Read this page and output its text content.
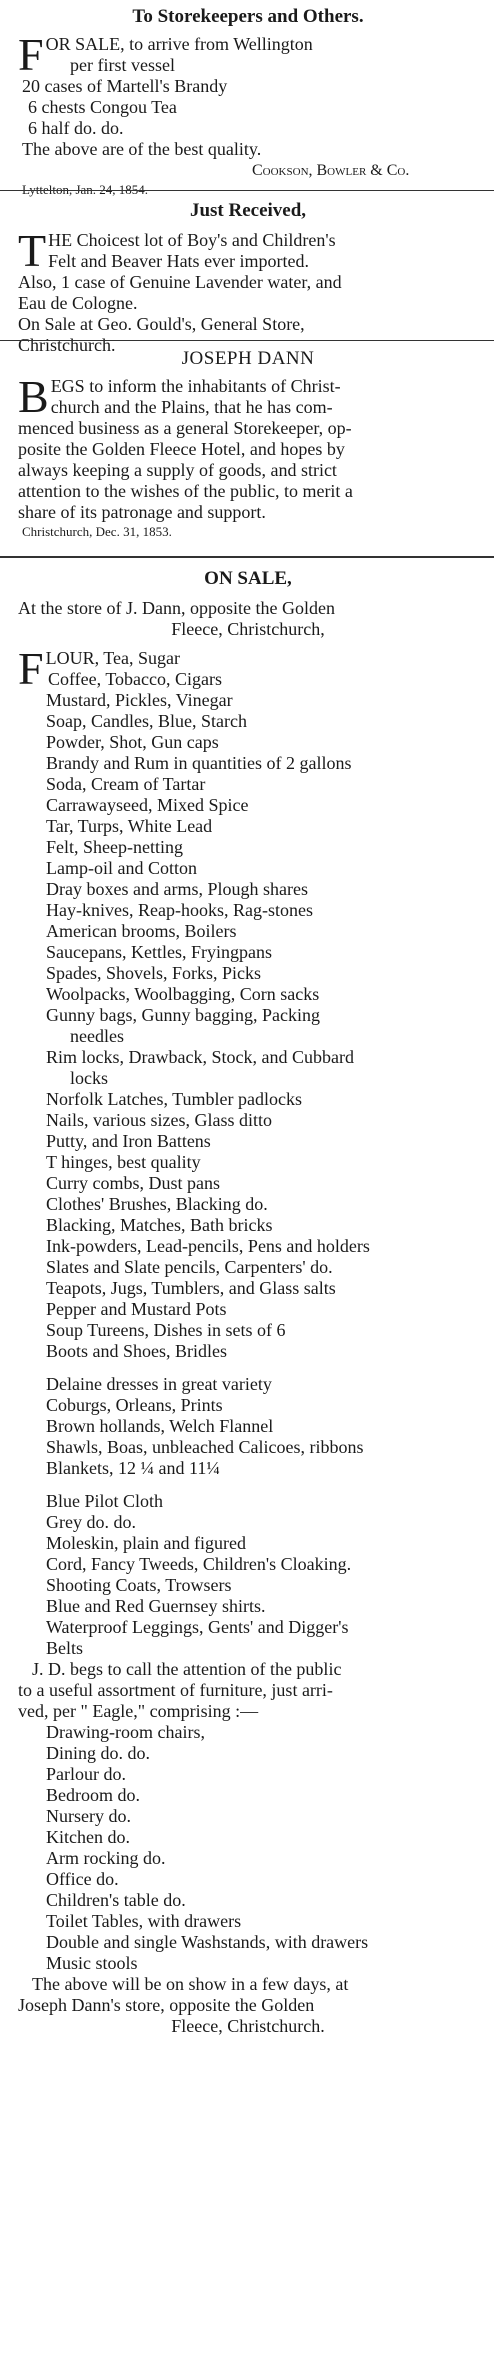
To Storekeepers and Others.
F OR SALE, to arrive from Wellington
per first vessel
20 cases of Martell's Brandy
6 chests Congou Tea
6 half do. do.
The above are of the best quality.
Cookson, Bowler & Co.
Lyttelton, Jan. 24, 1854.
Just Received,
T HE Choicest lot of Boy's and Children's
Felt and Beaver Hats ever imported.
Also, 1 case of Genuine Lavender water, and
Eau de Cologne.
On Sale at Geo. Gould's, General Store,
Christchurch.
JOSEPH DANN
B EGS to inform the inhabitants of Christ-
church and the Plains, that he has com-
menced business as a general Storekeeper, op-
posite the Golden Fleece Hotel, and hopes by
always keeping a supply of goods, and strict
attention to the wishes of the public, to merit a
share of its patronage and support.
Christchurch, Dec. 31, 1853.
ON SALE,
At the store of J. Dann, opposite the Golden
Fleece, Christchurch,
F LOUR, Tea, Sugar
Coffee, Tobacco, Cigars
Mustard, Pickles, Vinegar
Soap, Candles, Blue, Starch
Powder, Shot, Gun caps
Brandy and Rum in quantities of 2 gallons
Soda, Cream of Tartar
Carrawayseed, Mixed Spice
Tar, Turps, White Lead
Felt, Sheep-netting
Lamp-oil and Cotton
Dray boxes and arms, Plough shares
Hay-knives, Reap-hooks, Rag-stones
American brooms, Boilers
Saucepans, Kettles, Fryingpans
Spades, Shovels, Forks, Picks
Woolpacks, Woolbagging, Corn sacks
Gunny bags, Gunny bagging, Packing
needles
Rim locks, Drawback, Stock, and Cubbard
locks
Norfolk Latches, Tumbler padlocks
Nails, various sizes, Glass ditto
Putty, and Iron Battens
T hinges, best quality
Curry combs, Dust pans
Clothes' Brushes, Blacking do.
Blacking, Matches, Bath bricks
Ink-powders, Lead-pencils, Pens and holders
Slates and Slate pencils, Carpenters' do.
Teapots, Jugs, Tumblers, and Glass salts
Pepper and Mustard Pots
Soup Tureens, Dishes in sets of 6
Boots and Shoes, Bridles
Delaine dresses in great variety
Coburgs, Orleans, Prints
Brown hollands, Welch Flannel
Shawls, Boas, unbleached Calicoes, ribbons
Blankets, 12 ¼ and 11¼
Blue Pilot Cloth
Grey do. do.
Moleskin, plain and figured
Cord, Fancy Tweeds, Children's Cloaking.
Shooting Coats, Trowsers
Blue and Red Guernsey shirts.
Waterproof Leggings, Gents' and Digger's
Belts
J. D. begs to call the attention of the public
to a useful assortment of furniture, just arri-
ved, per " Eagle," comprising :—
Drawing-room chairs,
Dining do. do.
Parlour do.
Bedroom do.
Nursery do.
Kitchen do.
Arm rocking do.
Office do.
Children's table do.
Toilet Tables, with drawers
Double and single Washstands, with drawers
Music stools
The above will be on show in a few days, at
Joseph Dann's store, opposite the Golden
Fleece, Christchurch.
